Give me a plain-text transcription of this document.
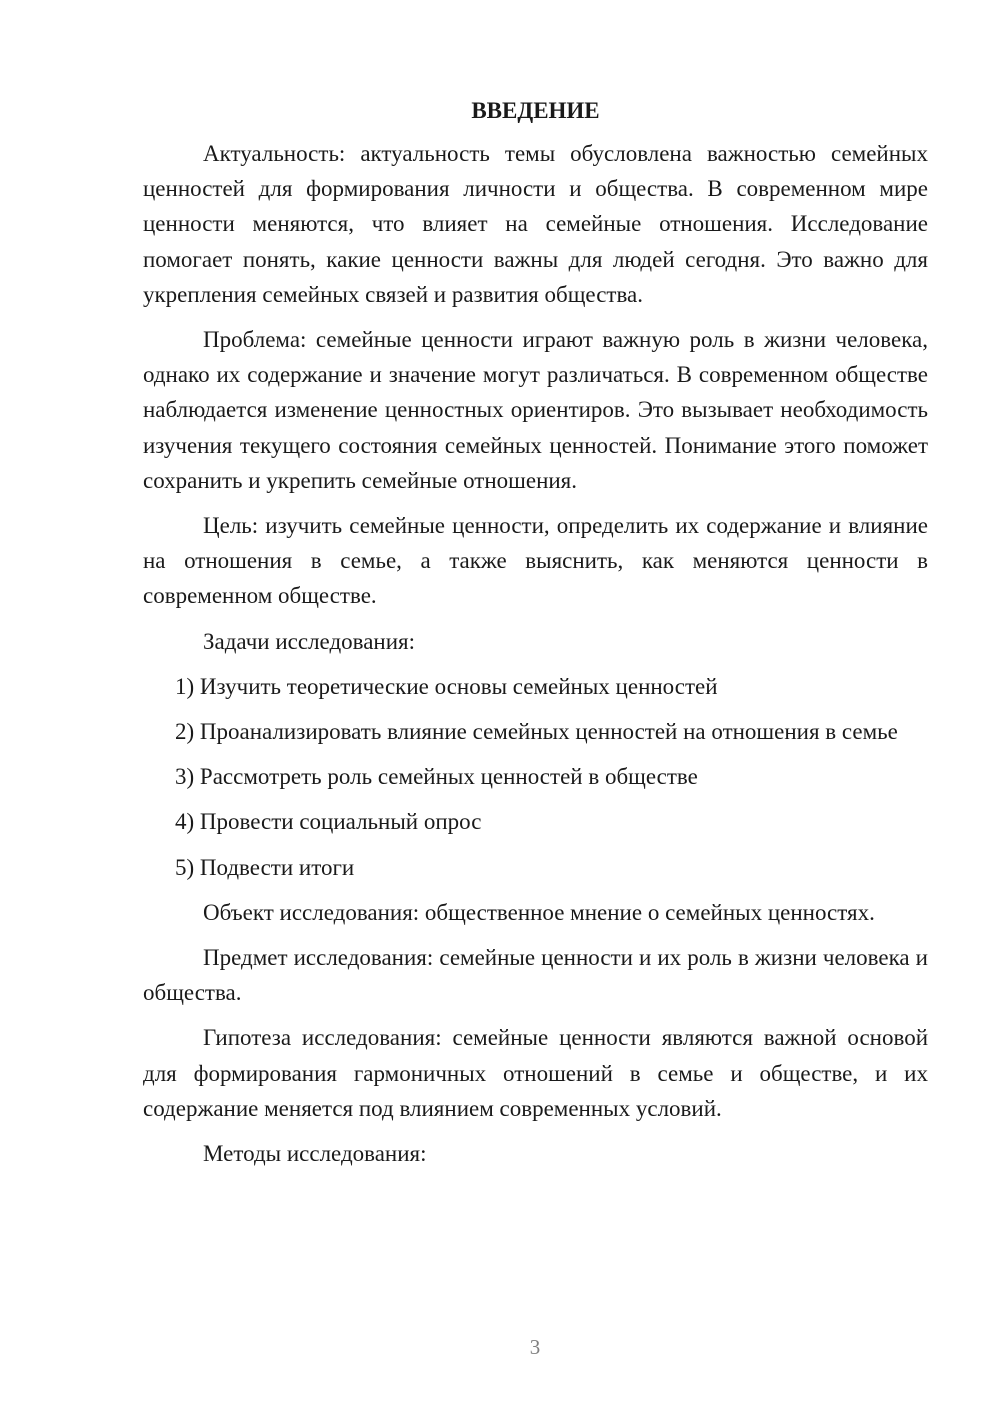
ВВЕДЕНИЕ

Актуальность: актуальность темы обусловлена важностью семейных ценностей для формирования личности и общества. В современном мире ценности меняются, что влияет на семейные отношения. Исследование помогает понять, какие ценности важны для людей сегодня. Это важно для укрепления семейных связей и развития общества.

Проблема: семейные ценности играют важную роль в жизни человека, однако их содержание и значение могут различаться. В современном обществе наблюдается изменение ценностных ориентиров. Это вызывает необходимость изучения текущего состояния семейных ценностей. Понимание этого поможет сохранить и укрепить семейные отношения.

Цель: изучить семейные ценности, определить их содержание и влияние на отношения в семье, а также выяснить, как меняются ценности в современном обществе.

Задачи исследования:

1) Изучить теоретические основы семейных ценностей

2) Проанализировать влияние семейных ценностей на отношения в семье

3) Рассмотреть роль семейных ценностей в обществе

4) Провести социальный опрос

5) Подвести итоги

Объект исследования: общественное мнение о семейных ценностях.

Предмет исследования: семейные ценности и их роль в жизни человека и общества.

Гипотеза исследования: семейные ценности являются важной основой для формирования гармоничных отношений в семье и обществе, и их содержание меняется под влиянием современных условий.

Методы исследования:

3
